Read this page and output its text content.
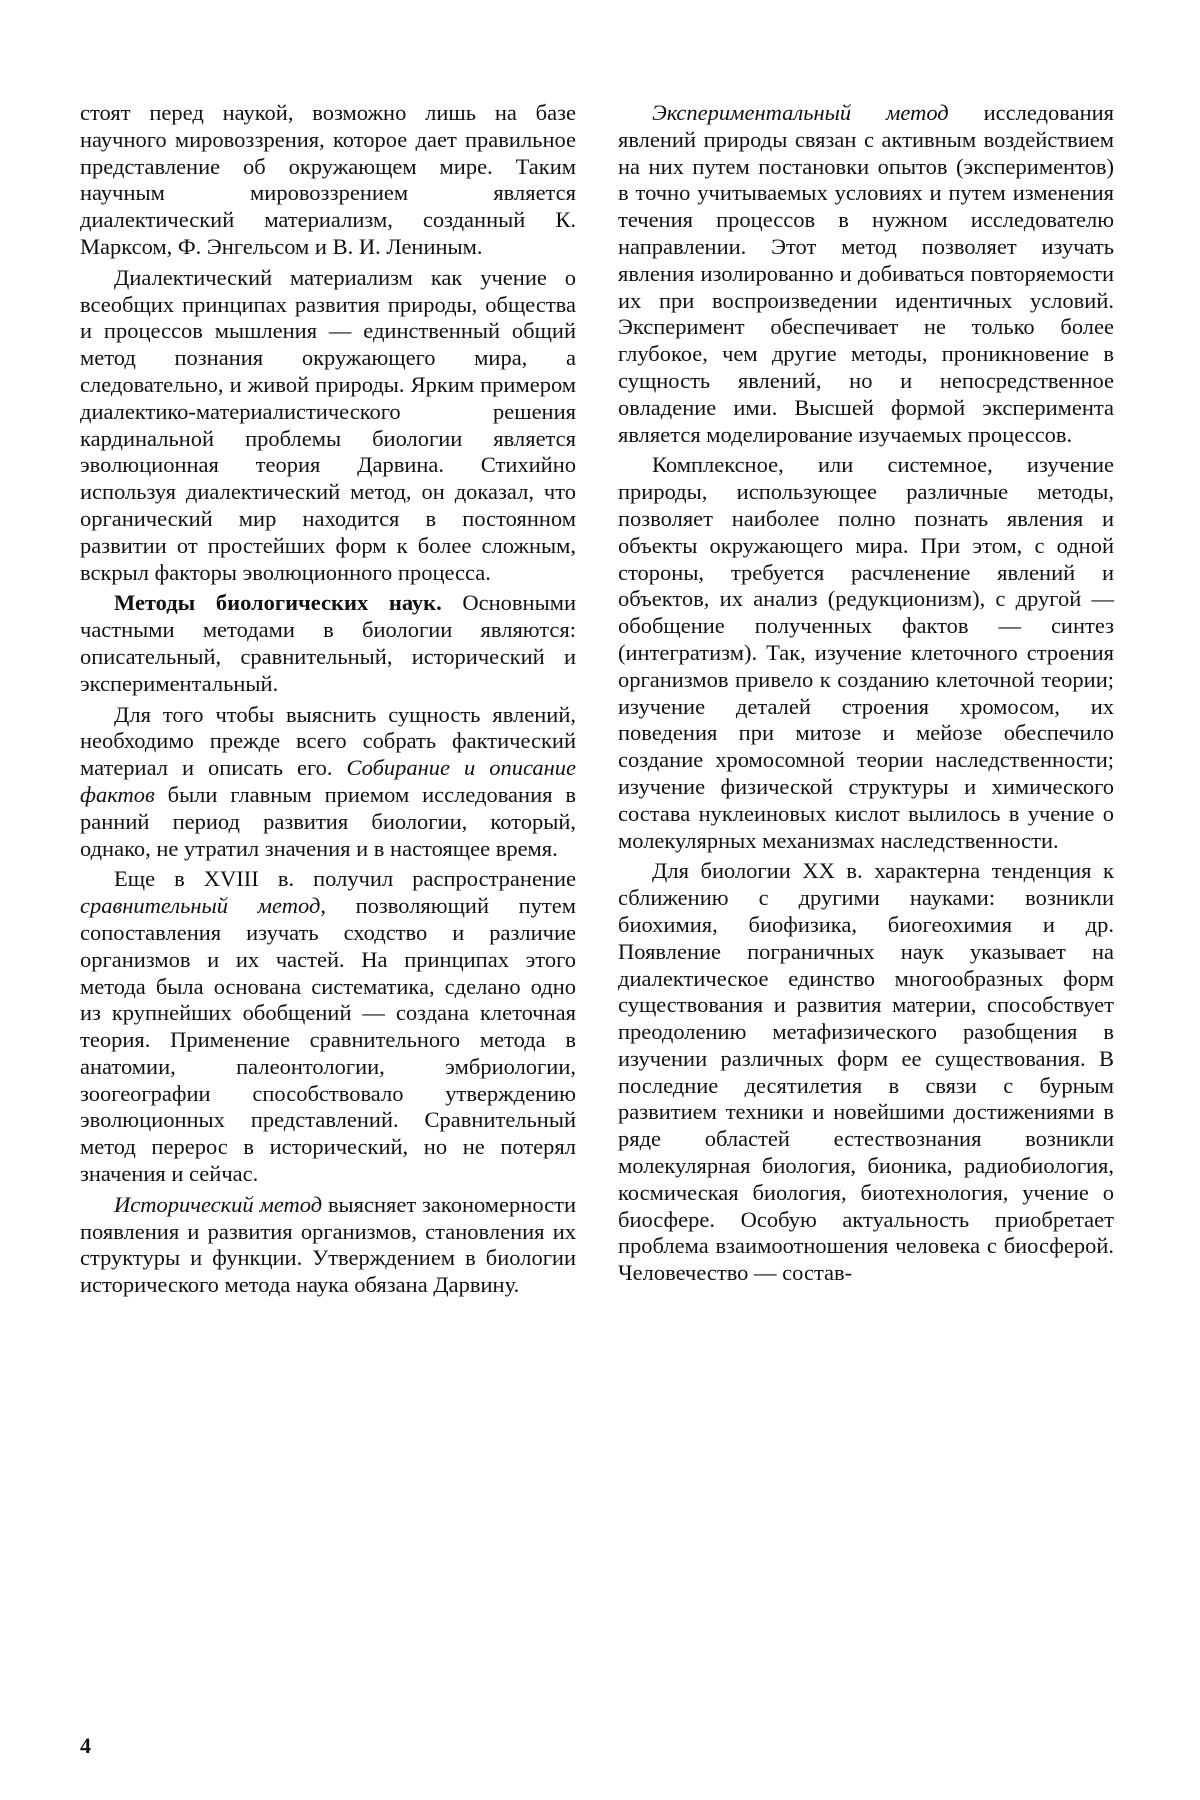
стоят перед наукой, возможно лишь на базе научного мировоззрения, которое дает правильное представление об окружающем мире. Таким научным мировоззрением является диалектический материализм, созданный К. Марксом, Ф. Энгельсом и В. И. Лениным.

Диалектический материализм как учение о всеобщих принципах развития природы, общества и процессов мышления — единственный общий метод познания окружающего мира, а следовательно, и живой природы. Ярким примером диалектико-материалистического решения кардинальной проблемы биологии является эволюционная теория Дарвина. Стихийно используя диалектический метод, он доказал, что органический мир находится в постоянном развитии от простейших форм к более сложным, вскрыл факторы эволюционного процесса.

Методы биологических наук. Основными частными методами в биологии являются: описательный, сравнительный, исторический и экспериментальный.

Для того чтобы выяснить сущность явлений, необходимо прежде всего собрать фактический материал и описать его. Собирание и описание фактов были главным приемом исследования в ранний период развития биологии, который, однако, не утратил значения и в настоящее время.

Еще в XVIII в. получил распространение сравнительный метод, позволяющий путем сопоставления изучать сходство и различие организмов и их частей. На принципах этого метода была основана систематика, сделано одно из крупнейших обобщений — создана клеточная теория. Применение сравнительного метода в анатомии, палеонтологии, эмбриологии, зоогеографии способствовало утверждению эволюционных представлений. Сравнительный метод перерос в исторический, но не потерял значения и сейчас.

Исторический метод выясняет закономерности появления и развития организмов, становления их структуры и функции. Утверждением в биологии исторического метода наука обязана Дарвину.

Экспериментальный метод исследования явлений природы связан с активным воздействием на них путем постановки опытов (экспериментов) в точно учитываемых условиях и путем изменения течения процессов в нужном исследователю направлении. Этот метод позволяет изучать явления изолированно и добиваться повторяемости их при воспроизведении идентичных условий. Эксперимент обеспечивает не только более глубокое, чем другие методы, проникновение в сущность явлений, но и непосредственное овладение ими. Высшей формой эксперимента является моделирование изучаемых процессов.

Комплексное, или системное, изучение природы, использующее различные методы, позволяет наиболее полно познать явления и объекты окружающего мира. При этом, с одной стороны, требуется расчленение явлений и объектов, их анализ (редукционизм), с другой — обобщение полученных фактов — синтез (интегратизм). Так, изучение клеточного строения организмов привело к созданию клеточной теории; изучение деталей строения хромосом, их поведения при митозе и мейозе обеспечило создание хромосомной теории наследственности; изучение физической структуры и химического состава нуклеиновых кислот вылилось в учение о молекулярных механизмах наследственности.

Для биологии XX в. характерна тенденция к сближению с другими науками: возникли биохимия, биофизика, биогеохимия и др. Появление пограничных наук указывает на диалектическое единство многообразных форм существования и развития материи, способствует преодолению метафизического разобщения в изучении различных форм ее существования. В последние десятилетия в связи с бурным развитием техники и новейшими достижениями в ряде областей естествознания возникли молекулярная биология, бионика, радиобиология, космическая биология, биотехнология, учение о биосфере. Особую актуальность приобретает проблема взаимоотношения человека с биосферой. Человечество — состав-

4
